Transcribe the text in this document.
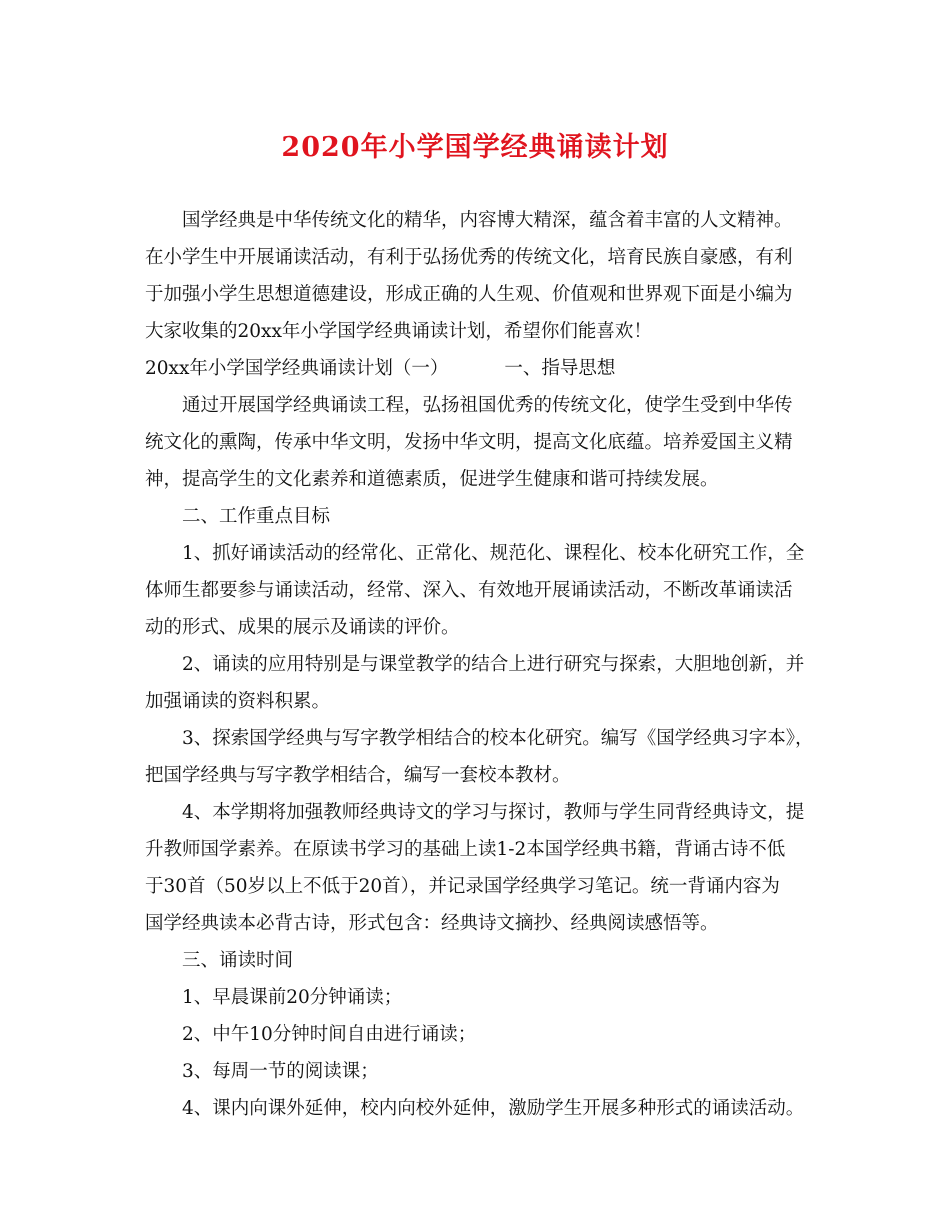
2020年小学国学经典诵读计划
国学经典是中华传统文化的精华，内容博大精深，蕴含着丰富的人文精神。
在小学生中开展诵读活动，有利于弘扬优秀的传统文化，培育民族自豪感，有利
于加强小学生思想道德建设，形成正确的人生观、价值观和世界观下面是小编为
大家收集的20xx年小学国学经典诵读计划，希望你们能喜欢！
20xx年小学国学经典诵读计划（一）	一、指导思想
通过开展国学经典诵读工程，弘扬祖国优秀的传统文化，使学生受到中华传
统文化的熏陶，传承中华文明，发扬中华文明，提高文化底蕴。培养爱国主义精
神，提高学生的文化素养和道德素质，促进学生健康和谐可持续发展。
二、工作重点目标
1、抓好诵读活动的经常化、正常化、规范化、课程化、校本化研究工作，全
体师生都要参与诵读活动，经常、深入、有效地开展诵读活动，不断改革诵读活
动的形式、成果的展示及诵读的评价。
2、诵读的应用特别是与课堂教学的结合上进行研究与探索，大胆地创新，并
加强诵读的资料积累。
3、探索国学经典与写字教学相结合的校本化研究。编写《国学经典习字本》，
把国学经典与写字教学相结合，编写一套校本教材。
4、本学期将加强教师经典诗文的学习与探讨，教师与学生同背经典诗文，提
升教师国学素养。在原读书学习的基础上读1-2本国学经典书籍，背诵古诗不低
于30首（50岁以上不低于20首），并记录国学经典学习笔记。统一背诵内容为
国学经典读本必背古诗，形式包含：经典诗文摘抄、经典阅读感悟等。
三、诵读时间
1、早晨课前20分钟诵读；
2、中午10分钟时间自由进行诵读；
3、每周一节的阅读课；
4、课内向课外延伸，校内向校外延伸，激励学生开展多种形式的诵读活动。
